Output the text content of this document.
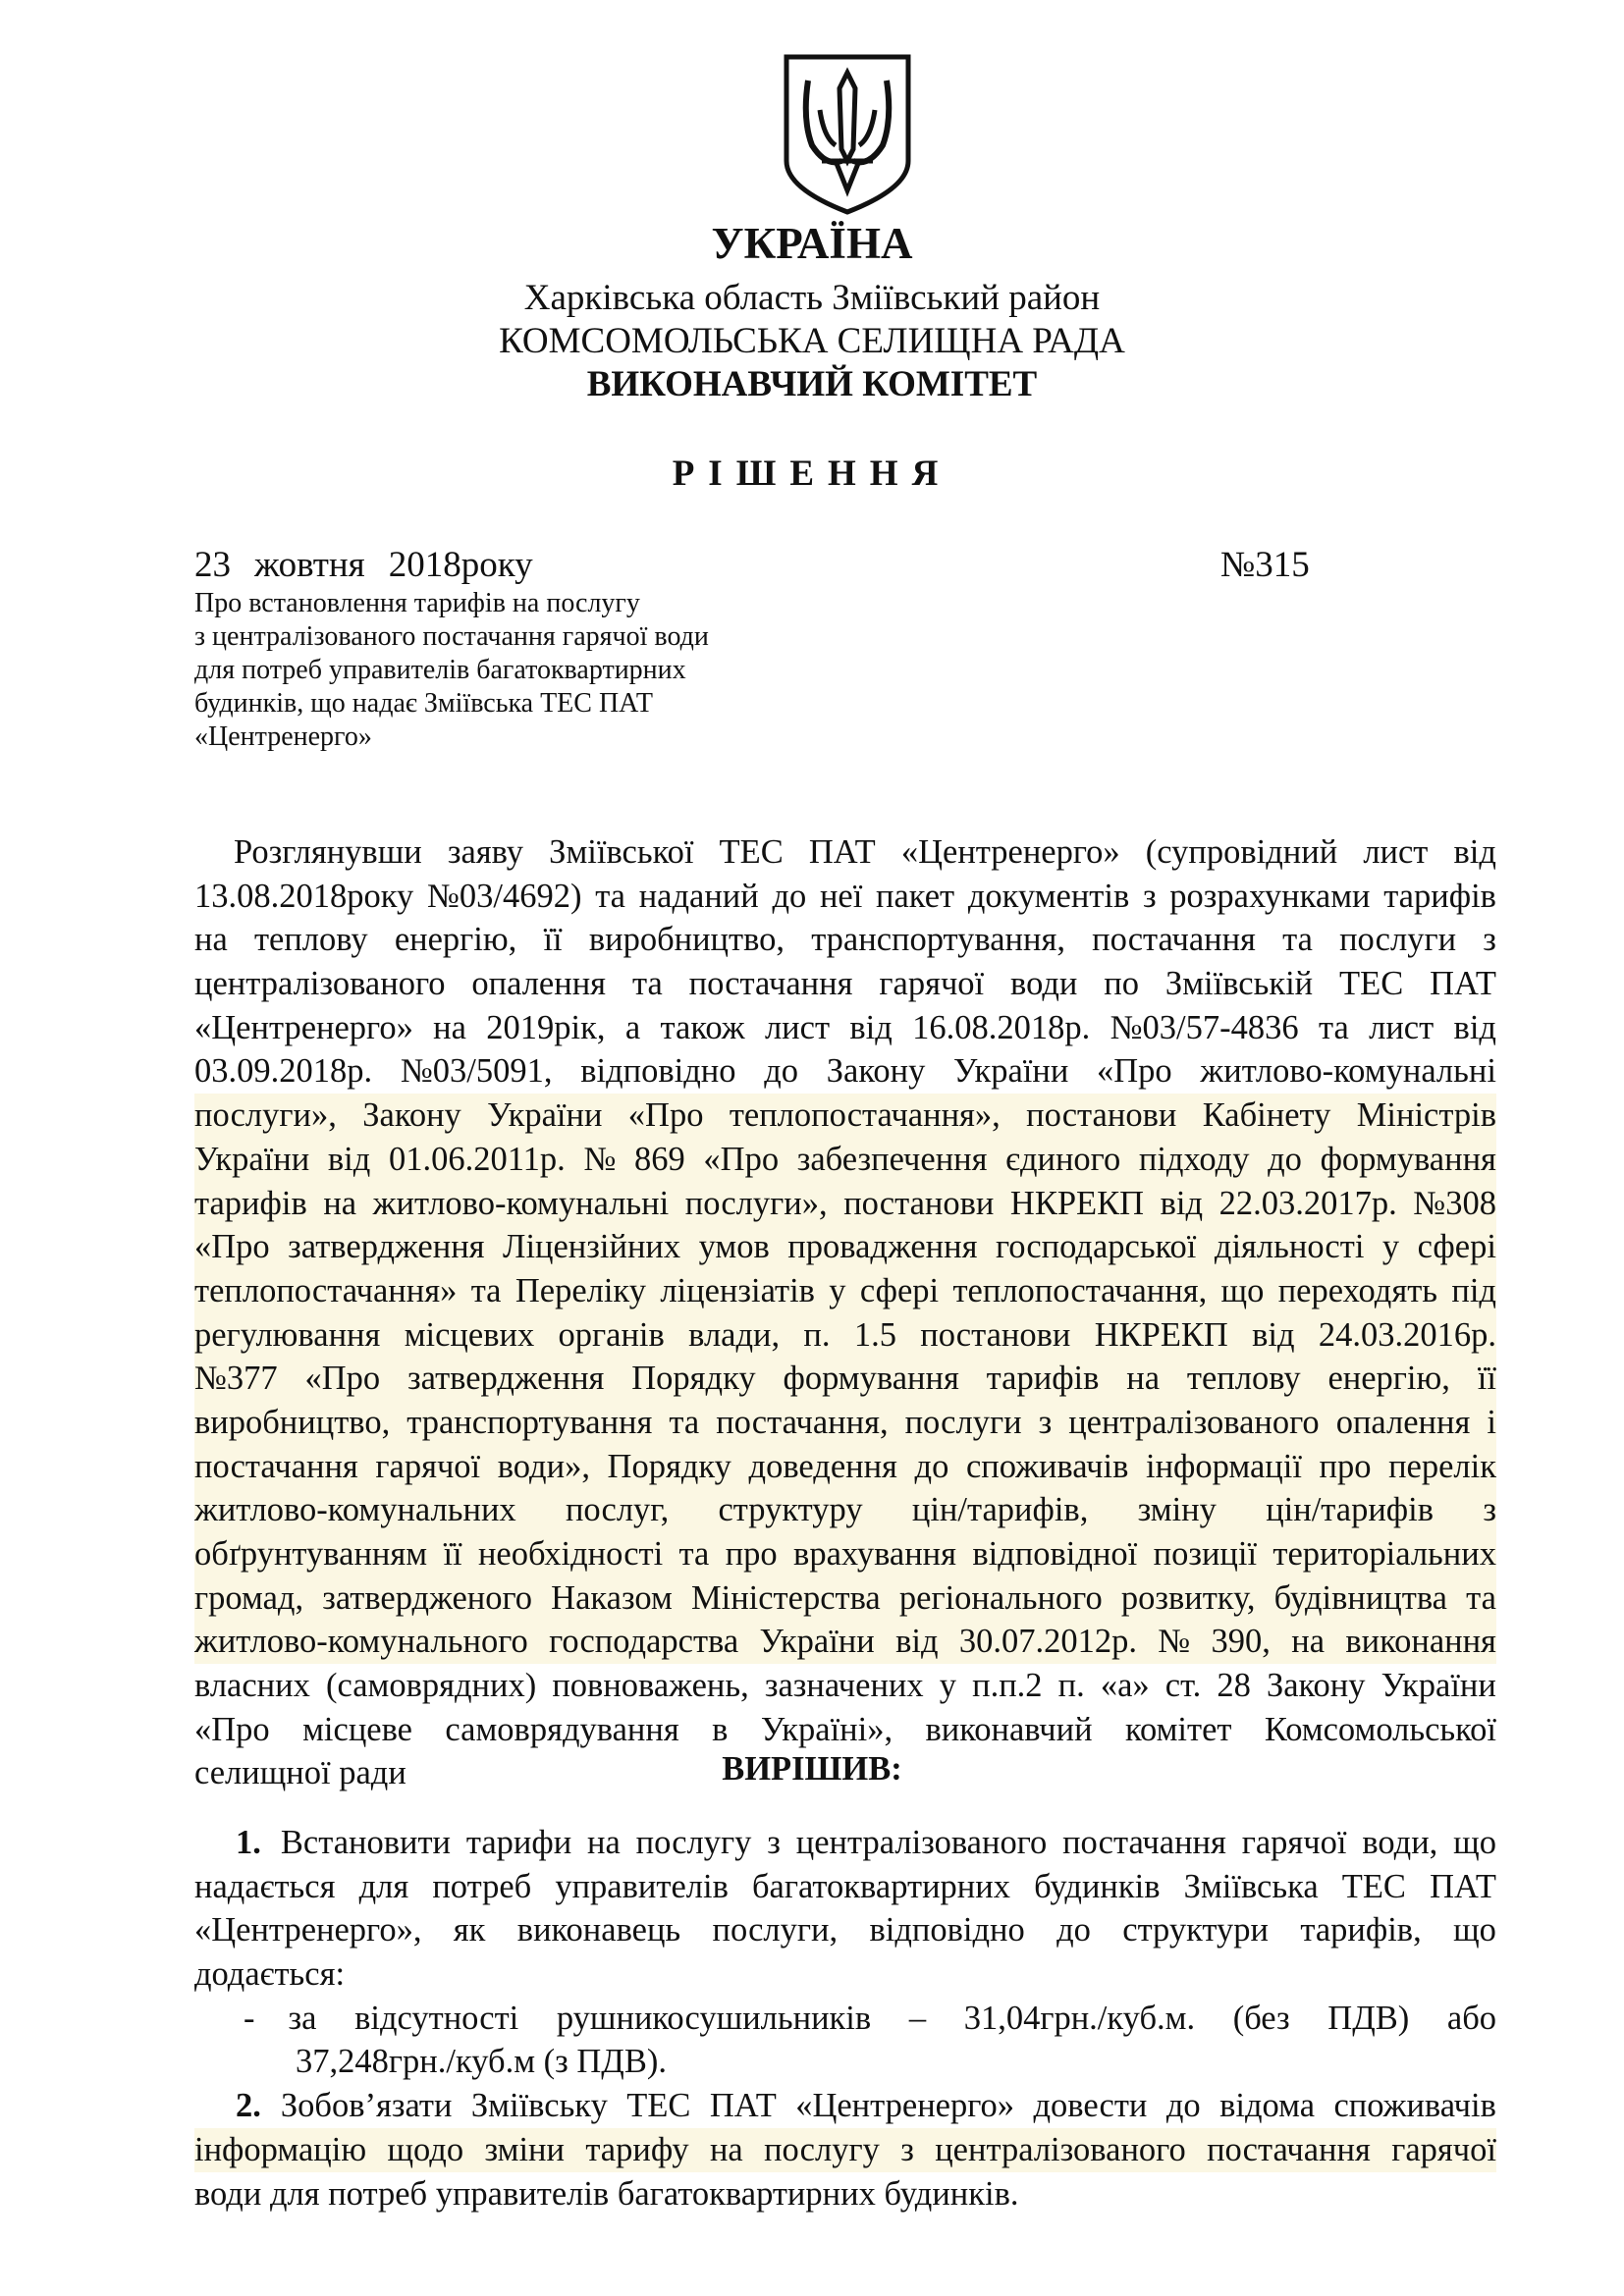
УКРАЇНА
Харківська область Зміївський район
КОМСОМОЛЬСЬКА СЕЛИЩНА РАДА
ВИКОНАВЧИЙ КОМІТЕТ
РІШЕННЯ
23 жовтня 2018року	№315
Про встановлення тарифів на послугу
з централізованого постачання гарячої води
для потреб управителів багатоквартирних
будинків, що надає Зміївська ТЕС ПАТ
«Центренерго»
Розглянувши заяву Зміївської ТЕС ПАТ «Центренерго» (супровідний лист від
13.08.2018року №03/4692) та наданий до неї пакет документів з розрахунками тарифів
на теплову енергію, її виробництво, транспортування, постачання та послуги з
централізованого опалення та постачання гарячої води по Зміївській ТЕС ПАТ
«Центренерго» на 2019рік, а також лист від 16.08.2018р. №03/57-4836 та лист від
03.09.2018р. №03/5091, відповідно до Закону України «Про житлово-комунальні
послуги», Закону України «Про теплопостачання», постанови Кабінету Міністрів
України від 01.06.2011р. № 869 «Про забезпечення єдиного підходу до формування
тарифів на житлово-комунальні послуги», постанови НКРЕКП від 22.03.2017р. №308
«Про затвердження Ліцензійних умов провадження господарської діяльності у сфері
теплопостачання» та Переліку ліцензіатів у сфері теплопостачання, що переходять під
регулювання місцевих органів влади, п. 1.5 постанови НКРЕКП від 24.03.2016р.
№377 «Про затвердження Порядку формування тарифів на теплову енергію, її
виробництво, транспортування та постачання, послуги з централізованого опалення і
постачання гарячої води», Порядку доведення до споживачів інформації про перелік
житлово-комунальних послуг, структуру цін/тарифів, зміну цін/тарифів з
обґрунтуванням її необхідності та про врахування відповідної позиції територіальних
громад, затвердженого Наказом Міністерства регіонального розвитку, будівництва та
житлово-комунального господарства України від 30.07.2012р. № 390, на виконання
власних (самоврядних) повноважень, зазначених у п.п.2 п. «а» ст. 28 Закону України
«Про місцеве самоврядування в Україні», виконавчий комітет Комсомольської
селищної ради	ВИРІШИВ:
1. Встановити тарифи на послугу з централізованого постачання гарячої води, що
надається для потреб управителів багатоквартирних будинків Зміївська ТЕС ПАТ
«Центренерго», як виконавець послуги, відповідно до структури тарифів, що
додається:
- за відсутності рушникосушильників – 31,04грн./куб.м. (без ПДВ) або
37,248грн./куб.м (з ПДВ).
2. Зобов’язати Зміївську ТЕС ПАТ «Центренерго» довести до відома споживачів
інформацію щодо зміни тарифу на послугу з централізованого постачання гарячої
води для потреб управителів багатоквартирних будинків.
